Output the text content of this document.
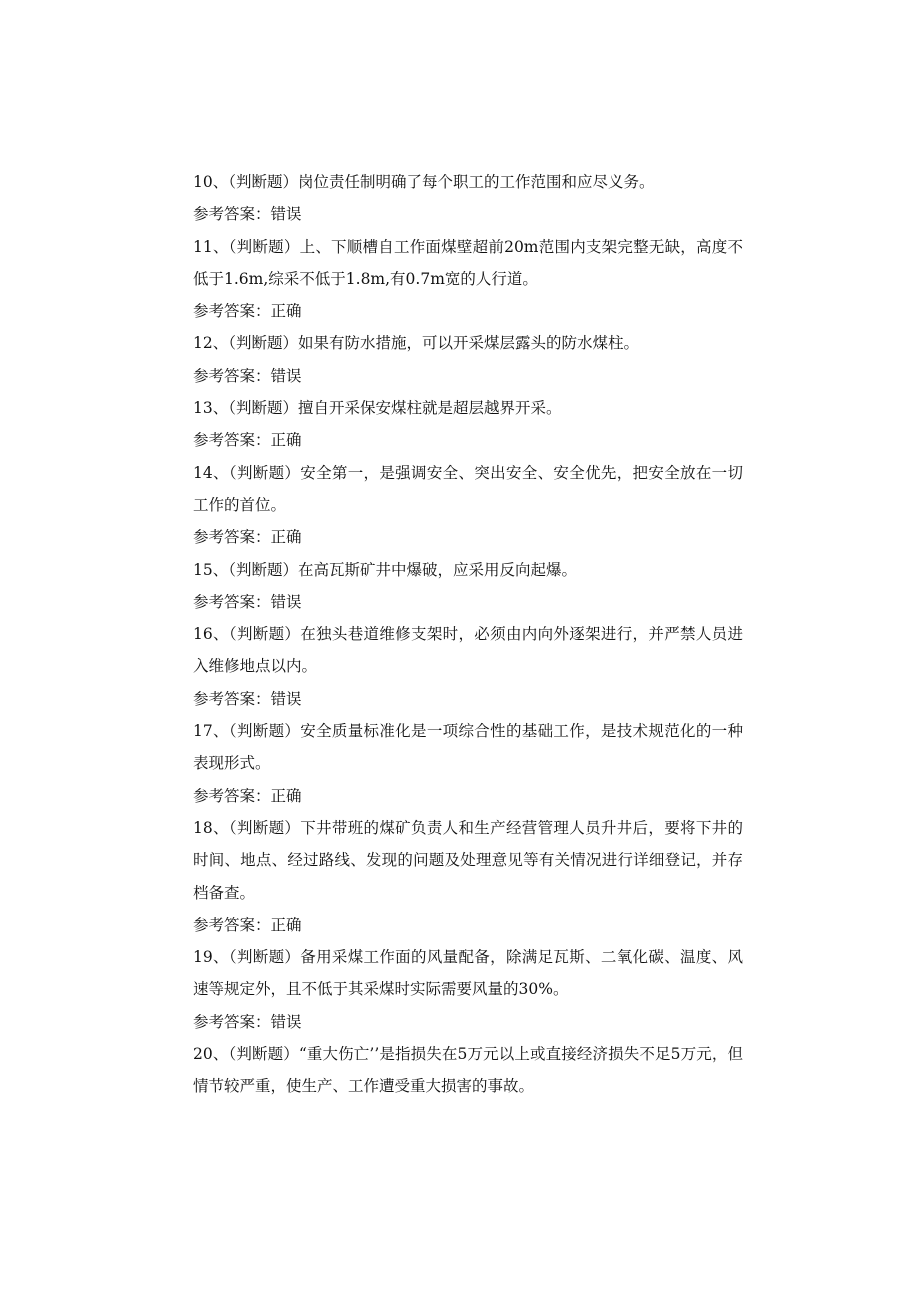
10、（判断题）岗位责任制明确了每个职工的工作范围和应尽义务。

参考答案：错误

11、（判断题）上、下顺槽自工作面煤壁超前20m范围内支架完整无缺，高度不低于1.6m,综采不低于1.8m,有0.7m宽的人行道。

参考答案：正确

12、（判断题）如果有防水措施，可以开采煤层露头的防水煤柱。

参考答案：错误

13、（判断题）擅自开采保安煤柱就是超层越界开采。

参考答案：正确

14、（判断题）安全第一，是强调安全、突出安全、安全优先，把安全放在一切工作的首位。

参考答案：正确

15、（判断题）在高瓦斯矿井中爆破，应采用反向起爆。

参考答案：错误

16、（判断题）在独头巷道维修支架时，必须由内向外逐架进行，并严禁人员进入维修地点以内。

参考答案：错误

17、（判断题）安全质量标准化是一项综合性的基础工作，是技术规范化的一种表现形式。

参考答案：正确

18、（判断题）下井带班的煤矿负责人和生产经营管理人员升井后，要将下井的时间、地点、经过路线、发现的问题及处理意见等有关情况进行详细登记，并存档备查。

参考答案：正确

19、（判断题）备用采煤工作面的风量配备，除满足瓦斯、二氧化碳、温度、风速等规定外，且不低于其采煤时实际需要风量的30%。

参考答案：错误

20、（判断题）“重大伤亡’’是指损失在5万元以上或直接经济损失不足5万元，但情节较严重，使生产、工作遭受重大损害的事故。
